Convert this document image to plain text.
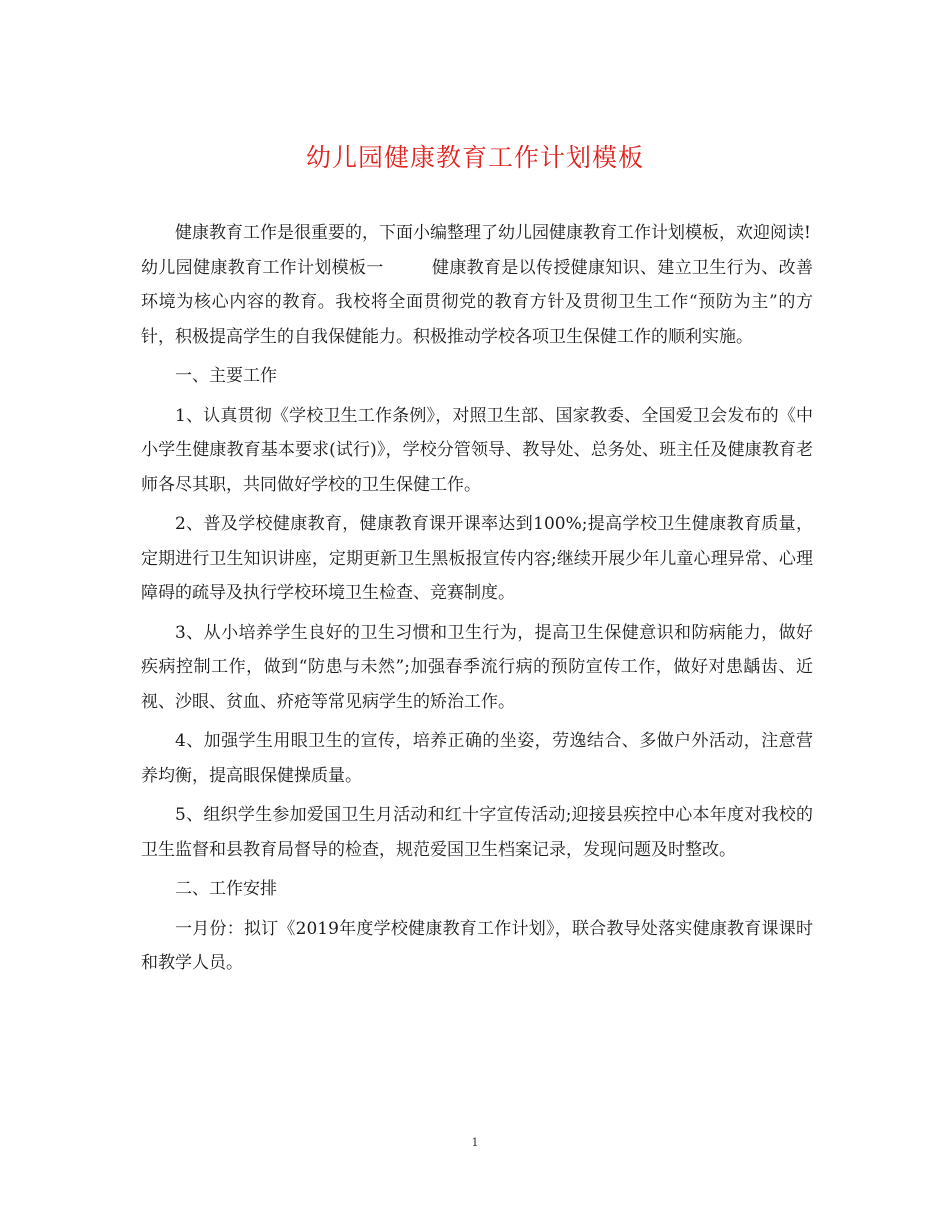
幼儿园健康教育工作计划模板

健康教育工作是很重要的，下面小编整理了幼儿园健康教育工作计划模板，欢迎阅读!

幼儿园健康教育工作计划模板一	健康教育是以传授健康知识、建立卫生行为、改善环境为核心内容的教育。我校将全面贯彻党的教育方针及贯彻卫生工作“预防为主”的方针，积极提高学生的自我保健能力。积极推动学校各项卫生保健工作的顺利实施。

一、主要工作

1、认真贯彻《学校卫生工作条例》，对照卫生部、国家教委、全国爱卫会发布的《中小学生健康教育基本要求(试行)》，学校分管领导、教导处、总务处、班主任及健康教育老师各尽其职，共同做好学校的卫生保健工作。

2、普及学校健康教育，健康教育课开课率达到100%;提高学校卫生健康教育质量，定期进行卫生知识讲座，定期更新卫生黑板报宣传内容;继续开展少年儿童心理异常、心理障碍的疏导及执行学校环境卫生检查、竞赛制度。

3、从小培养学生良好的卫生习惯和卫生行为，提高卫生保健意识和防病能力，做好疾病控制工作，做到“防患与未然”;加强春季流行病的预防宣传工作，做好对患龋齿、近视、沙眼、贫血、疥疮等常见病学生的矫治工作。

4、加强学生用眼卫生的宣传，培养正确的坐姿，劳逸结合、多做户外活动，注意营养均衡，提高眼保健操质量。

5、组织学生参加爱国卫生月活动和红十字宣传活动;迎接县疾控中心本年度对我校的卫生监督和县教育局督导的检查，规范爱国卫生档案记录，发现问题及时整改。

二、工作安排

一月份：拟订《2019年度学校健康教育工作计划》，联合教导处落实健康教育课课时和教学人员。

1
